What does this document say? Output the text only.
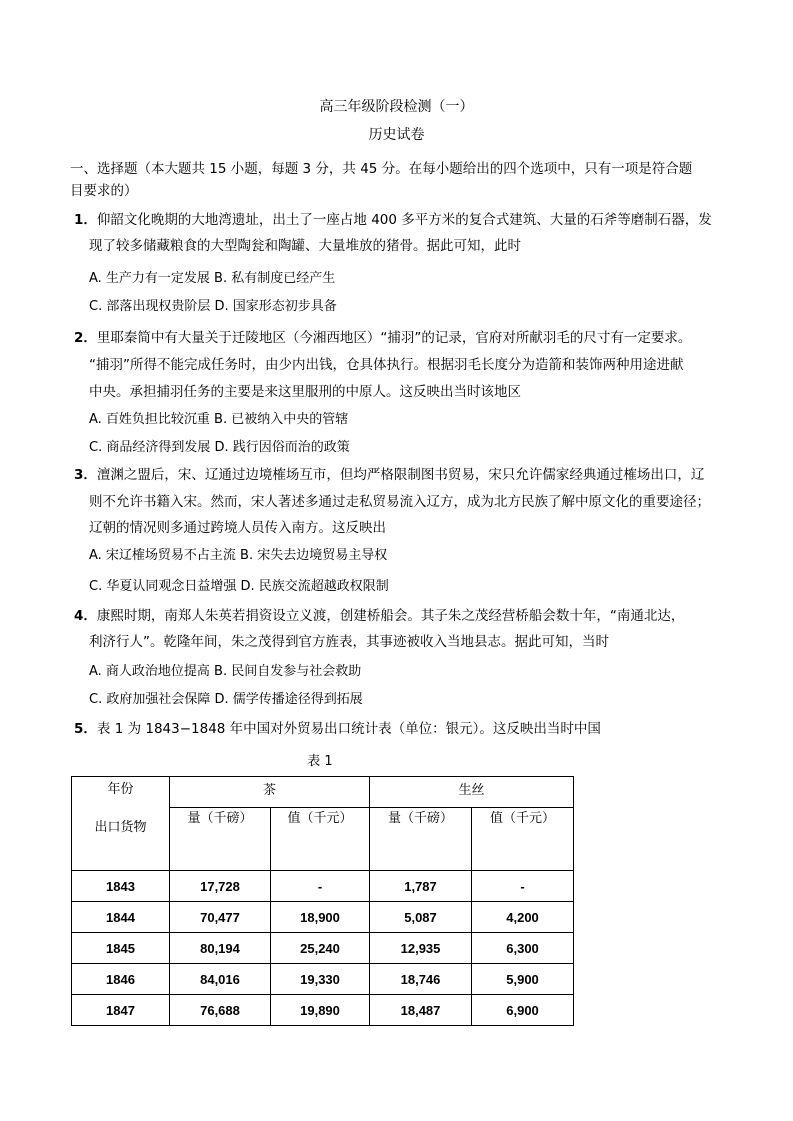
高三年级阶段检测（一）
历史试卷
一、选择题（本大题共 15 小题，每题 3 分，共 45 分。在每小题给出的四个选项中，只有一项是符合题
目要求的）
1．仰韶文化晚期的大地湾遗址，出土了一座占地 400 多平方米的复合式建筑、大量的石斧等磨制石器，发
现了较多储藏粮食的大型陶瓮和陶罐、大量堆放的猪骨。据此可知，此时
A. 生产力有一定发展 B. 私有制度已经产生
C. 部落出现权贵阶层 D. 国家形态初步具备
2．里耶秦简中有大量关于迁陵地区（今湘西地区）“捕羽”的记录，官府对所献羽毛的尺寸有一定要求。
“捕羽”所得不能完成任务时，由少内出钱，仓具体执行。根据羽毛长度分为造箭和装饰两种用途进献
中央。承担捕羽任务的主要是来这里服刑的中原人。这反映出当时该地区
A. 百姓负担比较沉重 B. 已被纳入中央的管辖
C. 商品经济得到发展 D. 践行因俗而治的政策
3．澶渊之盟后，宋、辽通过边境榷场互市，但均严格限制图书贸易，宋只允许儒家经典通过榷场出口，辽
则不允许书籍入宋。然而，宋人著述多通过走私贸易流入辽方，成为北方民族了解中原文化的重要途径；
辽朝的情况则多通过跨境人员传入南方。这反映出
A. 宋辽榷场贸易不占主流 B. 宋失去边境贸易主导权
C. 华夏认同观念日益增强 D. 民族交流超越政权限制
4．康熙时期，南郑人朱英若捐资设立义渡，创建桥船会。其子朱之茂经营桥船会数十年，“南通北达，
利济行人”。乾隆年间，朱之茂得到官方旌表，其事迹被收入当地县志。据此可知，当时
A. 商人政治地位提高 B. 民间自发参与社会救助
C. 政府加强社会保障 D. 儒学传播途径得到拓展
5．表 1 为 1843−1848 年中国对外贸易出口统计表（单位：银元）。这反映出当时中国
表 1
年份
出口货物	茶		生丝	
	量（千磅）	值（千元）	量（千磅）	值（千元）
1843	17,728	-	1,787	-
1844	70,477	18,900	5,087	4,200
1845	80,194	25,240	12,935	6,300
1846	84,016	19,330	18,746	5,900
1847	76,688	19,890	18,487	6,900
